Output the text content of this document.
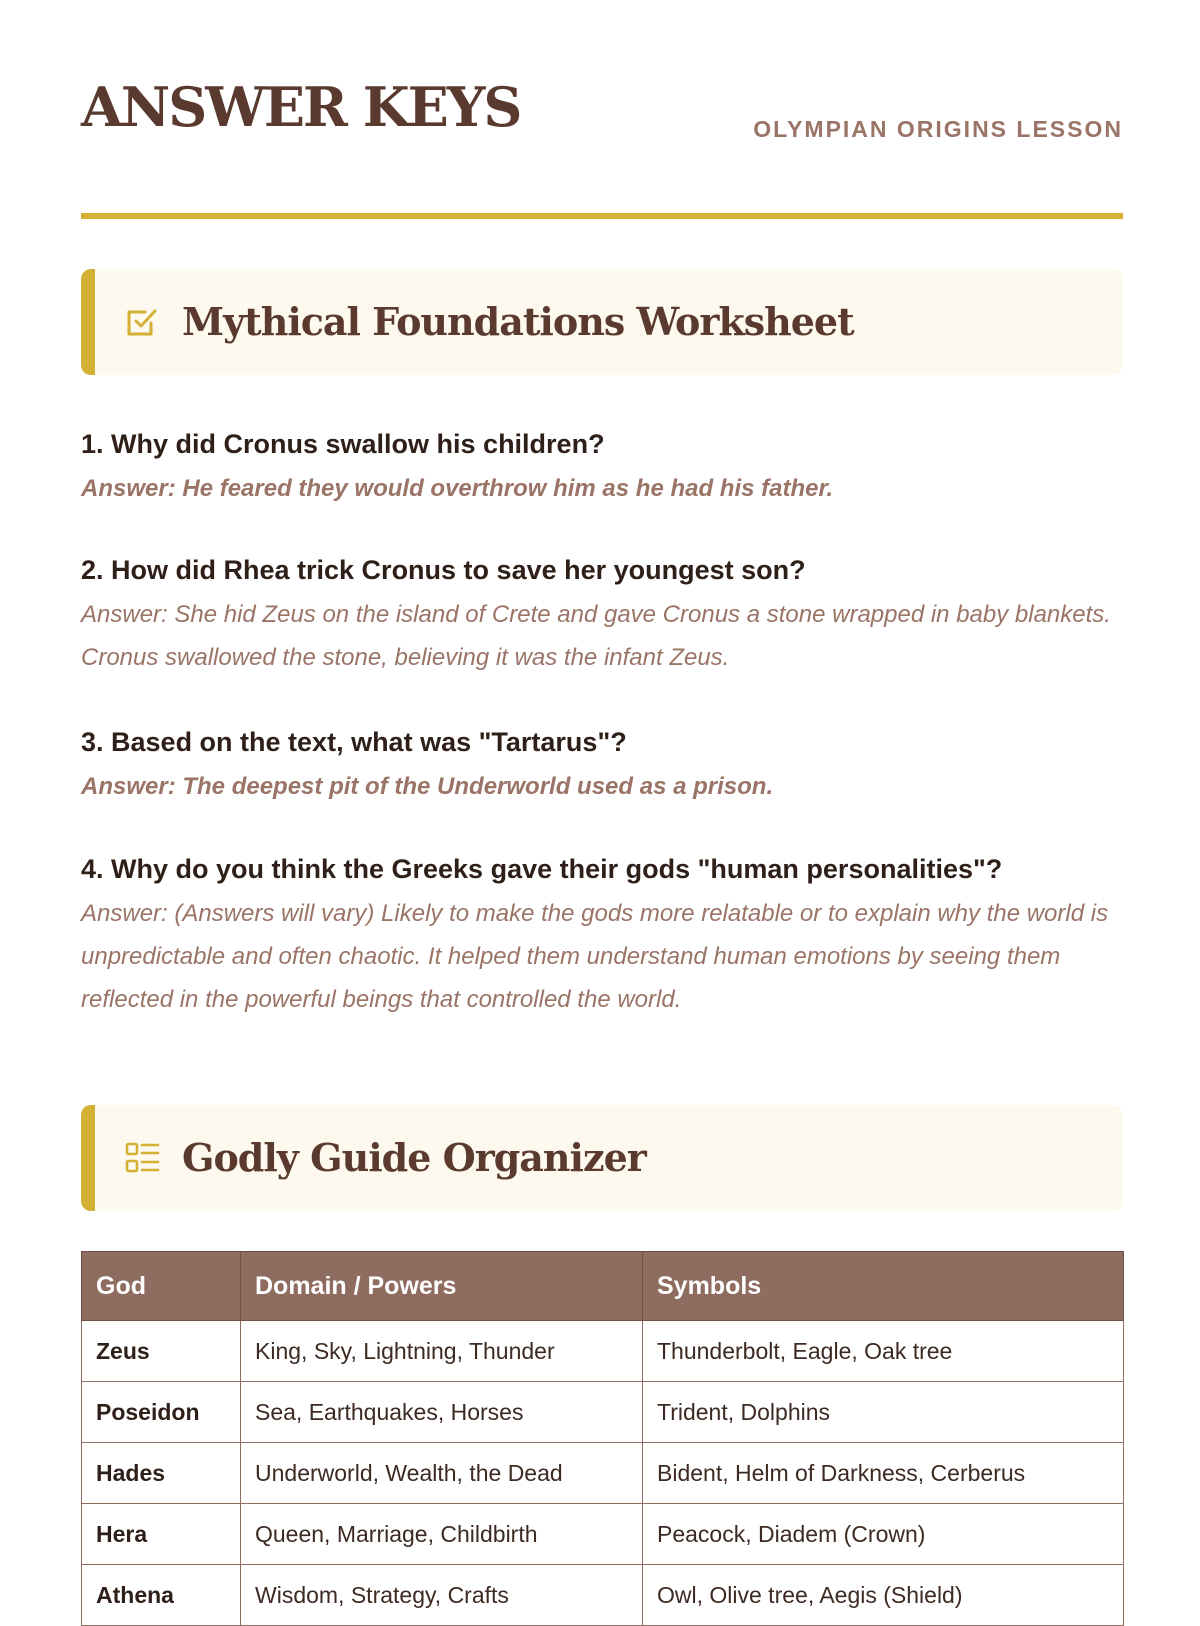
ANSWER KEYS	OLYMPIAN ORIGINS LESSON
Mythical Foundations Worksheet

1. Why did Cronus swallow his children?

Answer: He feared they would overthrow him as he had his father.

2. How did Rhea trick Cronus to save her youngest son?

Answer: She hid Zeus on the island of Crete and gave Cronus a stone wrapped in baby blankets. Cronus swallowed the stone, believing it was the infant Zeus.

3. Based on the text, what was "Tartarus"?

Answer: The deepest pit of the Underworld used as a prison.

4. Why do you think the Greeks gave their gods "human personalities"?

Answer: (Answers will vary) Likely to make the gods more relatable or to explain why the world is unpredictable and often chaotic. It helped them understand human emotions by seeing them reflected in the powerful beings that controlled the world.

Godly Guide Organizer
God	Domain / Powers	Symbols
Zeus	King, Sky, Lightning, Thunder	Thunderbolt, Eagle, Oak tree
Poseidon	Sea, Earthquakes, Horses	Trident, Dolphins
Hades	Underworld, Wealth, the Dead	Bident, Helm of Darkness, Cerberus
Hera	Queen, Marriage, Childbirth	Peacock, Diadem (Crown)
Athena	Wisdom, Strategy, Crafts	Owl, Olive tree, Aegis (Shield)
